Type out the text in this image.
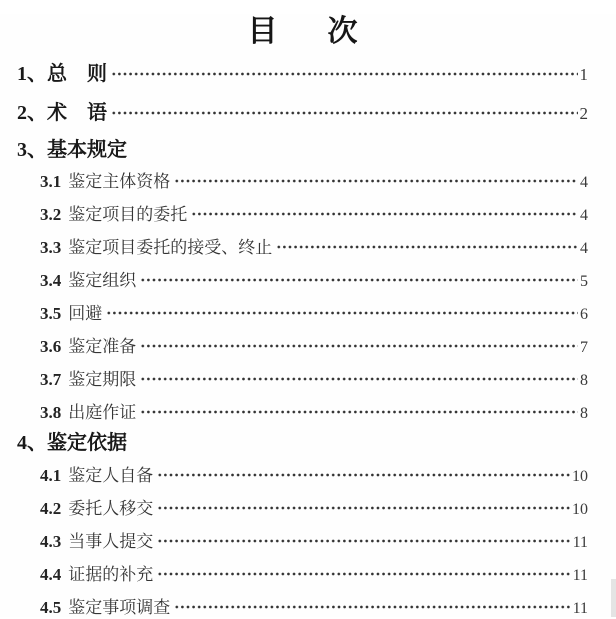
目　次
1、总　则	1
2、术　语	2
3、基本规定
3.1 鉴定主体资格	4
3.2 鉴定项目的委托	4
3.3 鉴定项目委托的接受、终止	4
3.4 鉴定组织	5
3.5 回避	6
3.6 鉴定准备	7
3.7 鉴定期限	8
3.8 出庭作证	8
4、鉴定依据
4.1 鉴定人自备	10
4.2 委托人移交	10
4.3 当事人提交	11
4.4 证据的补充	11
4.5 鉴定事项调查	11
